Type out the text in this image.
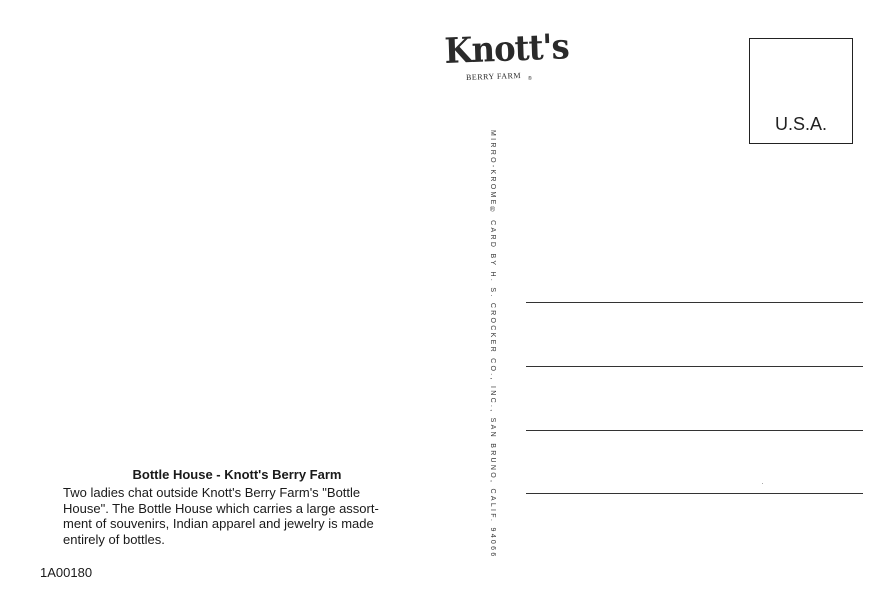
Knott's
BERRY FARM ®
MIRRO-KROME® CARD BY H. S. CROCKER CO., INC., SAN BRUNO, CALIF. 94066
U.S.A.
Bottle House - Knott's Berry Farm
Two ladies chat outside Knott's Berry Farm's "Bottle
House". The Bottle House which carries a large assort-
ment of souvenirs, Indian apparel and jewelry is made
entirely of bottles.
1A00180
